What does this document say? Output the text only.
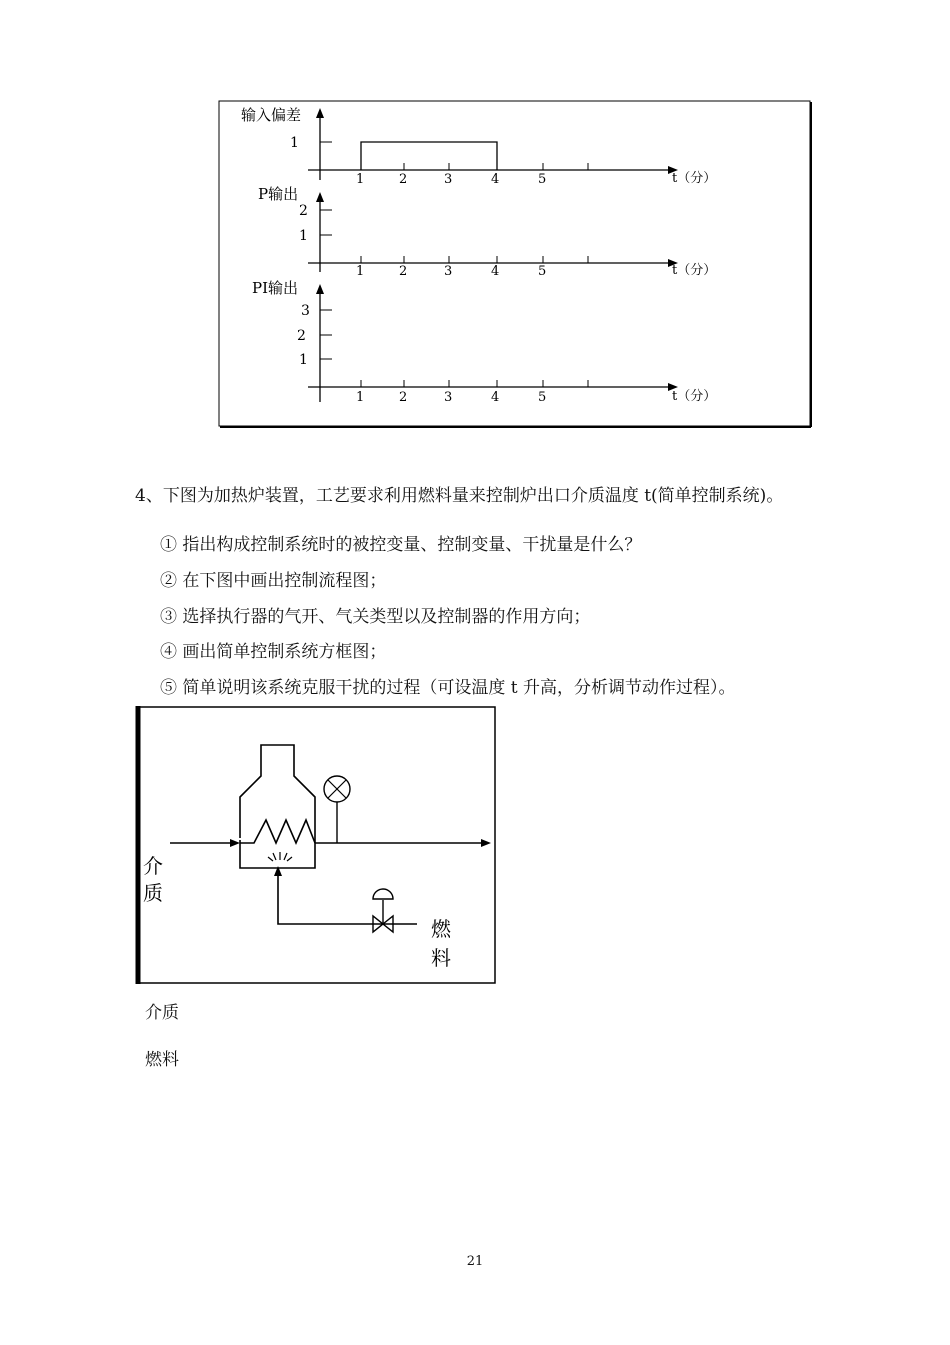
输入偏差
1
1	2	3	4	5	t（分）
P输出
2
1
1	2	3	4	5	t（分）
PI输出
3
2
1
1	2	3	4	5	t（分）
4、下图为加热炉装置，工艺要求利用燃料量来控制炉出口介质温度 t(简单控制系统)。
① 指出构成控制系统时的被控变量、控制变量、干扰量是什么？
② 在下图中画出控制流程图；
③ 选择执行器的气开、气关类型以及控制器的作用方向；
④ 画出简单控制系统方框图；
⑤ 简单说明该系统克服干扰的过程（可设温度 t 升高，分析调节动作过程）。
介
质
燃
料
介质
燃料
21
